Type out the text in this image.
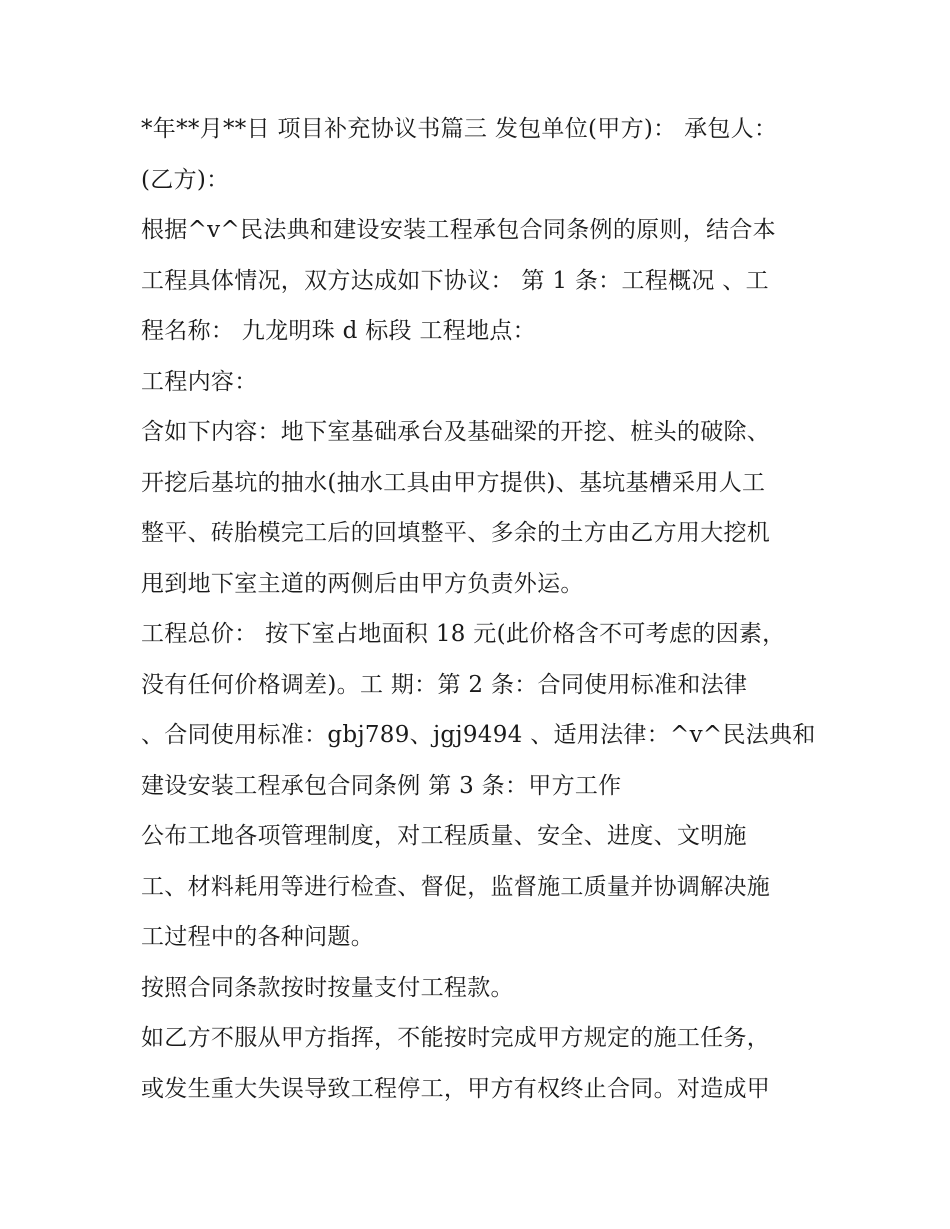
*年**月**日 项目补充协议书篇三 发包单位(甲方)： 承包人：
(乙方)：
根据^v^民法典和建设安装工程承包合同条例的原则，结合本
工程具体情况，双方达成如下协议： 第 1 条：工程概况 、工
程名称： 九龙明珠 d 标段 工程地点：
工程内容：
含如下内容：地下室基础承台及基础梁的开挖、桩头的破除、
开挖后基坑的抽水(抽水工具由甲方提供)、基坑基槽采用人工
整平、砖胎模完工后的回填整平、多余的土方由乙方用大挖机
甩到地下室主道的两侧后由甲方负责外运。
工程总价： 按下室占地面积 18 元(此价格含不可考虑的因素，
没有任何价格调差)。工 期：第 2 条：合同使用标准和法律
、合同使用标准：gbj789、jgj9494 、适用法律：^v^民法典和
建设安装工程承包合同条例 第 3 条：甲方工作
公布工地各项管理制度，对工程质量、安全、进度、文明施
工、材料耗用等进行检查、督促，监督施工质量并协调解决施
工过程中的各种问题。
按照合同条款按时按量支付工程款。
如乙方不服从甲方指挥，不能按时完成甲方规定的施工任务，
或发生重大失误导致工程停工，甲方有权终止合同。对造成甲
